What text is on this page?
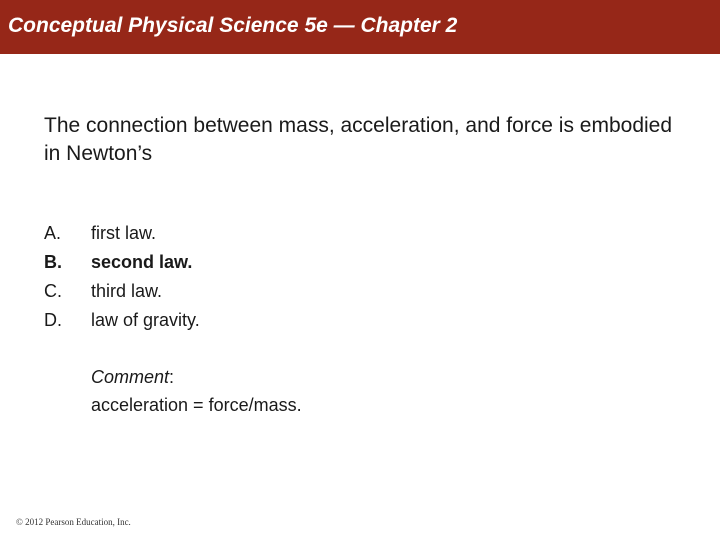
Conceptual Physical Science 5e — Chapter 2
The connection between mass, acceleration, and force is embodied in Newton’s
A.	first law.
B.	second law.
C.	third law.
D.	law of gravity.
Comment:
acceleration = force/mass.
© 2012 Pearson Education, Inc.
